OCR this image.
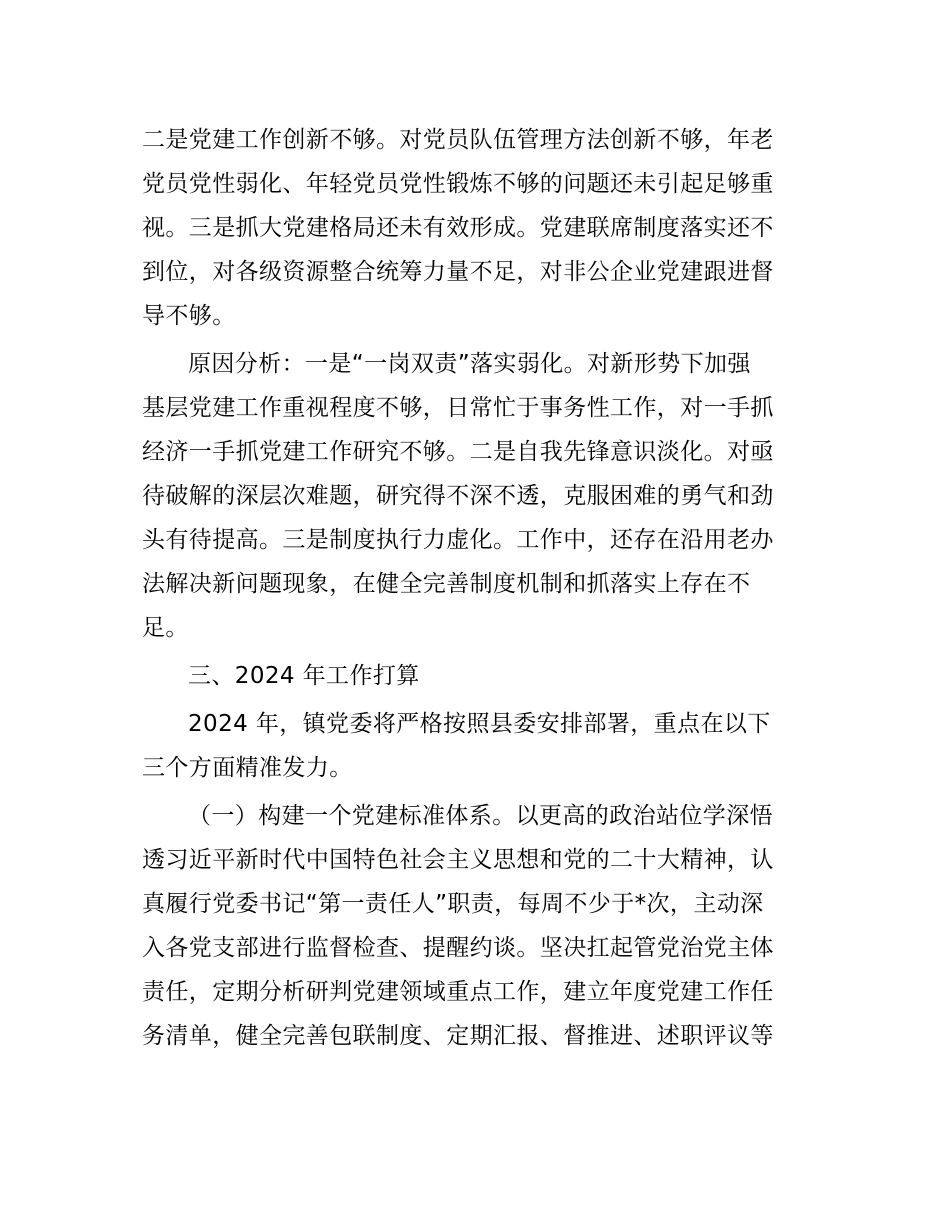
二是党建工作创新不够。对党员队伍管理方法创新不够，年老
党员党性弱化、年轻党员党性锻炼不够的问题还未引起足够重
视。三是抓大党建格局还未有效形成。党建联席制度落实还不
到位，对各级资源整合统筹力量不足，对非公企业党建跟进督
导不够。

原因分析：一是“一岗双责”落实弱化。对新形势下加强
基层党建工作重视程度不够，日常忙于事务性工作，对一手抓
经济一手抓党建工作研究不够。二是自我先锋意识淡化。对亟
待破解的深层次难题，研究得不深不透，克服困难的勇气和劲
头有待提高。三是制度执行力虚化。工作中，还存在沿用老办
法解决新问题现象，在健全完善制度机制和抓落实上存在不
足。

三、2024 年工作打算

2024 年，镇党委将严格按照县委安排部署，重点在以下
三个方面精准发力。

（一）构建一个党建标准体系。以更高的政治站位学深悟
透习近平新时代中国特色社会主义思想和党的二十大精神，认
真履行党委书记“第一责任人”职责，每周不少于*次，主动深
入各党支部进行监督检查、提醒约谈。坚决扛起管党治党主体
责任，定期分析研判党建领域重点工作，建立年度党建工作任
务清单，健全完善包联制度、定期汇报、督推进、述职评议等
